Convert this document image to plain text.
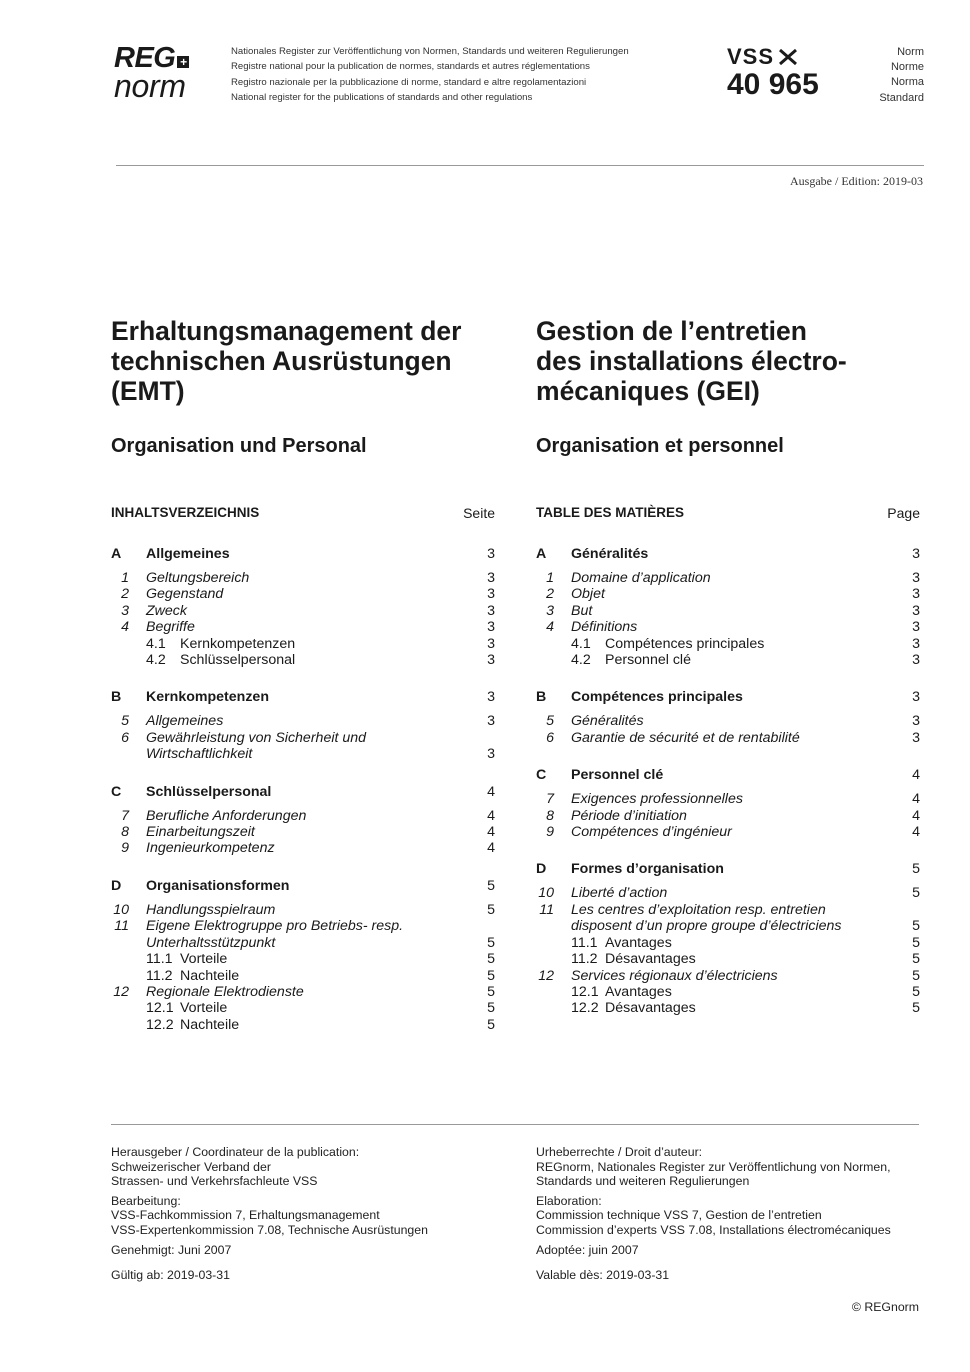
REG +
norm
Nationales Register zur Veröffentlichung von Normen, Standards und weiteren Regulierungen
Registre national pour la publication de normes, standards et autres réglementations
Registro nazionale per la pubblicazione di norme, standard e altre regolamentazioni
National register for the publications of standards and other regulations
VSS
40 965
Norm
Norme
Norma
Standard
Ausgabe / Edition: 2019-03
Erhaltungsmanagement der
technischen Ausrüstungen
(EMT)
Gestion de l’entretien
des installations électro-
mécaniques (GEI)
Organisation und Personal	Organisation et personnel
INHALTSVERZEICHNIS	Seite
A Allgemeines	3
1 Geltungsbereich	3
2 Gegenstand	3
3 Zweck	3
4 Begriffe	3
4.1 Kernkompetenzen	3
4.2 Schlüsselpersonal	3
B Kernkompetenzen	3
5 Allgemeines	3
6 Gewährleistung von Sicherheit und Wirtschaftlichkeit	3
C Schlüsselpersonal	4
7 Berufliche Anforderungen	4
8 Einarbeitungszeit	4
9 Ingenieurkompetenz	4
D Organisationsformen	5
10 Handlungsspielraum	5
11 Eigene Elektrogruppe pro Betriebs- resp. Unterhaltsstützpunkt	5
11.1 Vorteile	5
11.2 Nachteile	5
12 Regionale Elektrodienste	5
12.1 Vorteile	5
12.2 Nachteile	5
TABLE DES MATIÈRES	Page
A Généralités	3
1 Domaine d’application	3
2 Objet	3
3 But	3
4 Définitions	3
4.1 Compétences principales	3
4.2 Personnel clé	3
B Compétences principales	3
5 Généralités	3
6 Garantie de sécurité et de rentabilité	3
C Personnel clé	4
7 Exigences professionnelles	4
8 Période d’initiation	4
9 Compétences d’ingénieur	4
D Formes d’organisation	5
10 Liberté d’action	5
11 Les centres d’exploitation resp. entretien disposent d’un propre groupe d’électriciens	5
11.1 Avantages	5
11.2 Désavantages	5
12 Services régionaux d’électriciens	5
12.1 Avantages	5
12.2 Désavantages	5
Herausgeber / Coordinateur de la publication:
Schweizerischer Verband der
Strassen- und Verkehrsfachleute VSS
Bearbeitung:
VSS-Fachkommission 7, Erhaltungsmanagement
VSS-Expertenkommission 7.08, Technische Ausrüstungen
Genehmigt: Juni 2007
Gültig ab: 2019-03-31
Urheberrechte / Droit d’auteur:
REGnorm, Nationales Register zur Veröffentlichung von Normen,
Standards und weiteren Regulierungen
Elaboration:
Commission technique VSS 7, Gestion de l’entretien
Commission d’experts VSS 7.08, Installations électromécaniques
Adoptée: juin 2007
Valable dès: 2019-03-31
© REGnorm
